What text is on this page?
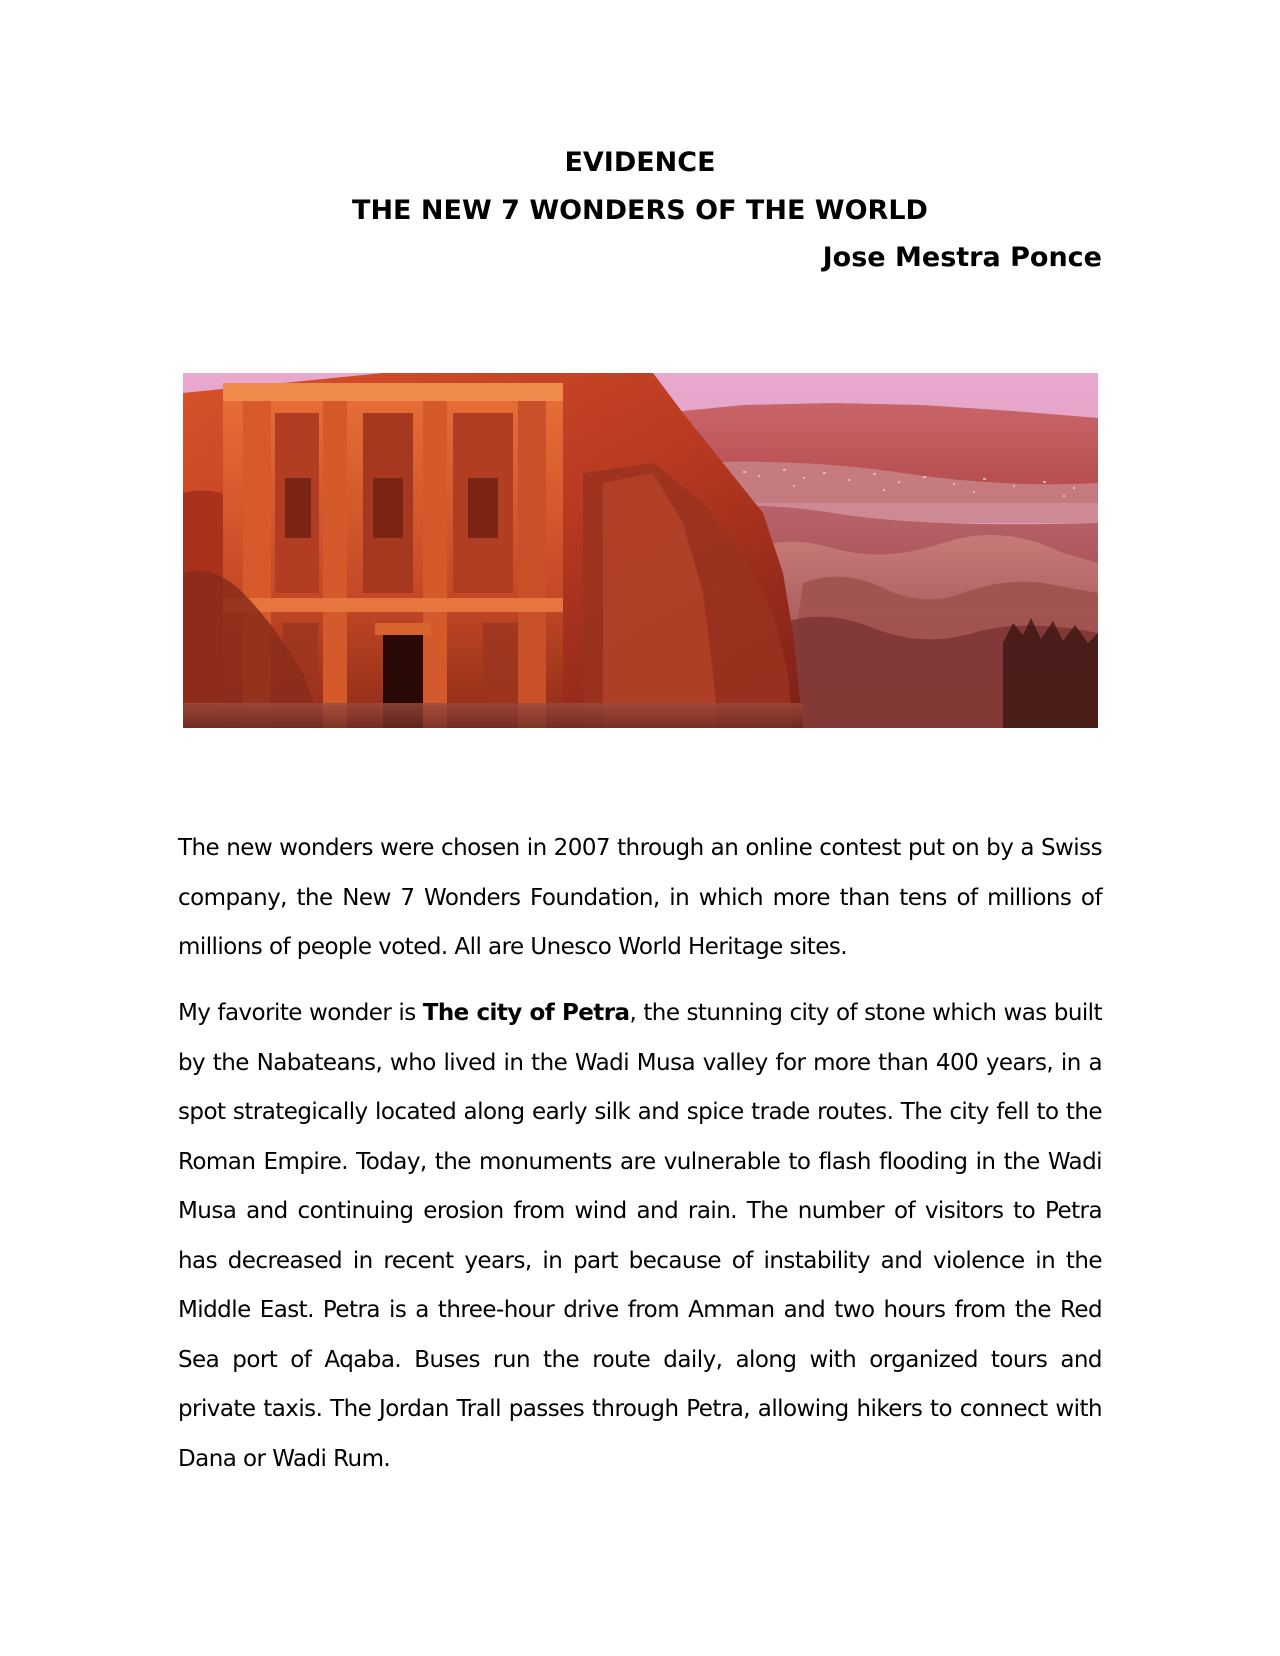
EVIDENCE

THE NEW 7 WONDERS OF THE WORLD

Jose Mestra Ponce

The new wonders were chosen in 2007 through an online contest put on by a Swiss company, the New 7 Wonders Foundation, in which more than tens of millions of millions of people voted. All are Unesco World Heritage sites.

My favorite wonder is The city of Petra, the stunning city of stone which was built by the Nabateans, who lived in the Wadi Musa valley for more than 400 years, in a spot strategically located along early silk and spice trade routes. The city fell to the Roman Empire. Today, the monuments are vulnerable to flash flooding in the Wadi Musa and continuing erosion from wind and rain. The number of visitors to Petra has decreased in recent years, in part because of instability and violence in the Middle East. Petra is a three-hour drive from Amman and two hours from the Red Sea port of Aqaba. Buses run the route daily, along with organized tours and private taxis. The Jordan Trall passes through Petra, allowing hikers to connect with Dana or Wadi Rum.
